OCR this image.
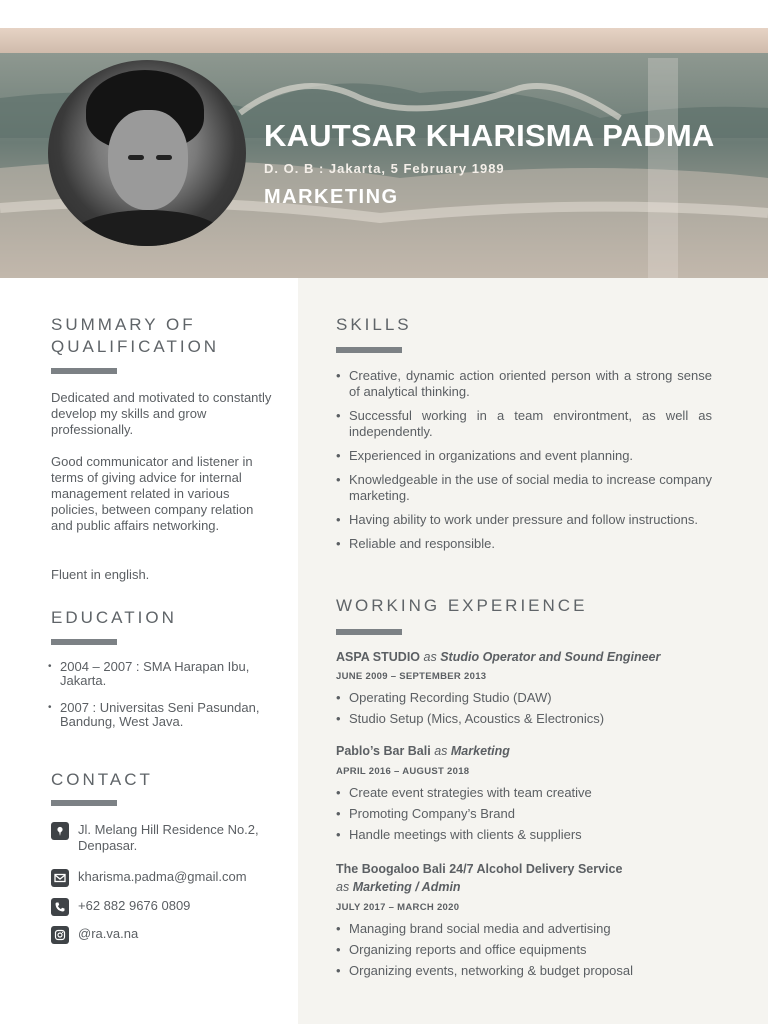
KAUTSAR KHARISMA PADMA
D. O. B : Jakarta, 5 February 1989
MARKETING
SUMMARY OF
QUALIFICATION
Dedicated and motivated to constantly develop my skills and grow professionally.
Good communicator and listener in terms of giving advice for internal management related in various policies, between company relation and public affairs networking.
Fluent in english.
EDUCATION
• 2004 – 2007 : SMA Harapan Ibu, Jakarta.
• 2007 : Universitas Seni Pasundan, Bandung, West Java.
CONTACT
Jl. Melang Hill Residence No.2, Denpasar.
kharisma.padma@gmail.com
+62 882 9676 0809
@ra.va.na
SKILLS
• Creative, dynamic action oriented person with a strong sense of analytical thinking.
• Successful working in a team environtment, as well as independently.
• Experienced in organizations and event planning.
• Knowledgeable in the use of social media to increase company marketing.
• Having ability to work under pressure and follow instructions.
• Reliable and responsible.
WORKING EXPERIENCE
ASPA STUDIO as Studio Operator and Sound Engineer
JUNE 2009 – SEPTEMBER 2013
• Operating Recording Studio (DAW)
• Studio Setup (Mics, Acoustics & Electronics)
Pablo’s Bar Bali as Marketing
APRIL 2016 – AUGUST 2018
• Create event strategies with team creative
• Promoting Company’s Brand
• Handle meetings with clients & suppliers
The Boogaloo Bali 24/7 Alcohol Delivery Service
as Marketing / Admin
JULY 2017 – MARCH 2020
• Managing brand social media and advertising
• Organizing reports and office equipments
• Organizing events, networking & budget proposal
